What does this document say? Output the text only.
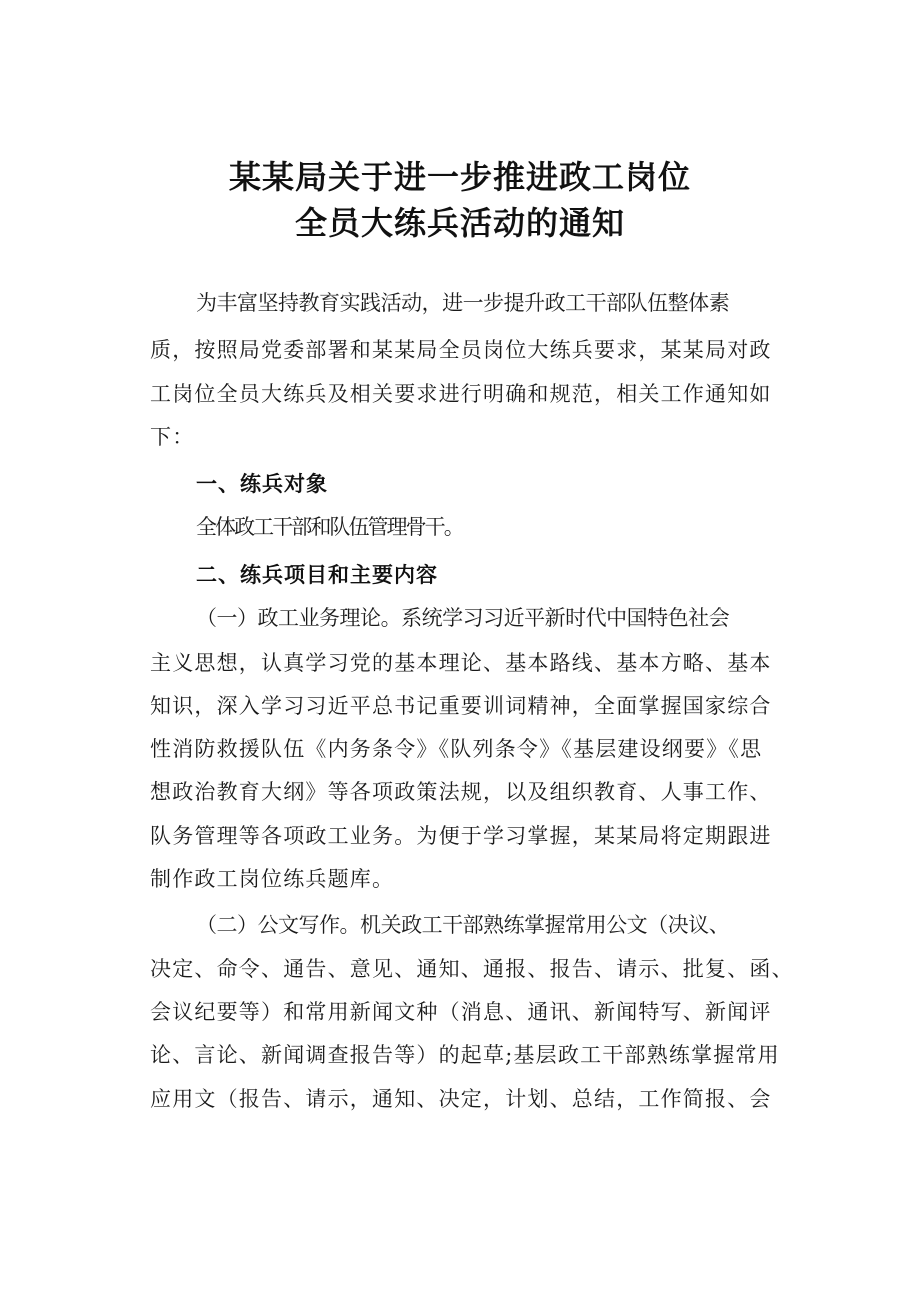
某某局关于进一步推进政工岗位
全员大练兵活动的通知

为丰富坚持教育实践活动，进一步提升政工干部队伍整体素

质，按照局党委部署和某某局全员岗位大练兵要求，某某局对政

工岗位全员大练兵及相关要求进行明确和规范，相关工作通知如

下：

一、练兵对象

全体政工干部和队伍管理骨干。

二、练兵项目和主要内容

（一）政工业务理论。系统学习习近平新时代中国特色社会

主义思想，认真学习党的基本理论、基本路线、基本方略、基本

知识，深入学习习近平总书记重要训词精神，全面掌握国家综合

性消防救援队伍《内务条令》《队列条令》《基层建设纲要》《思

想政治教育大纲》等各项政策法规，以及组织教育、人事工作、

队务管理等各项政工业务。为便于学习掌握，某某局将定期跟进

制作政工岗位练兵题库。

（二）公文写作。机关政工干部熟练掌握常用公文（决议、

决定、命令、通告、意见、通知、通报、报告、请示、批复、函、

会议纪要等）和常用新闻文种（消息、通讯、新闻特写、新闻评

论、言论、新闻调查报告等）的起草;基层政工干部熟练掌握常用

应用文（报告、请示，通知、决定，计划、总结，工作简报、会
